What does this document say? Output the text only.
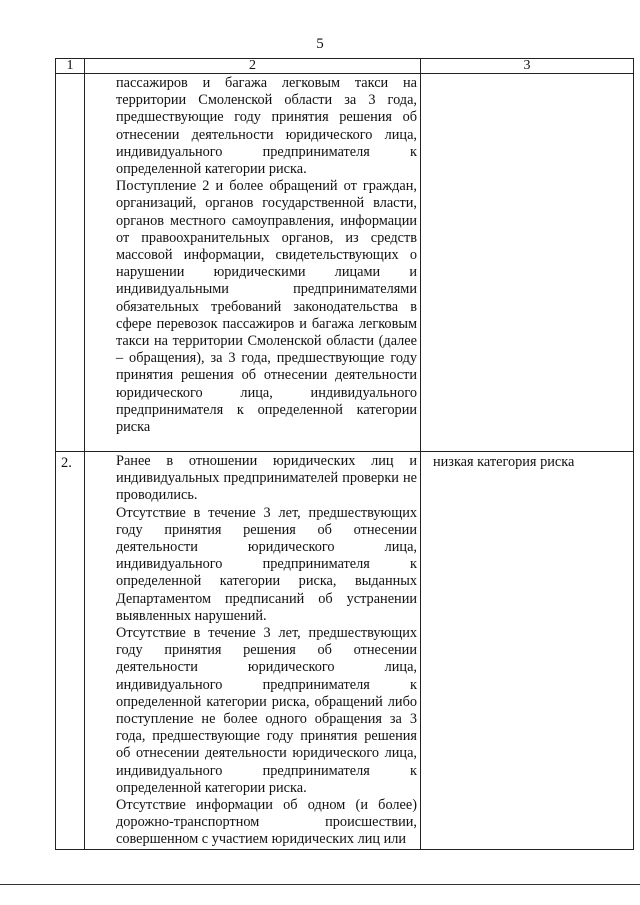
5
1	2	3

	пассажиров и багажа легковым такси на территории Смоленской области за 3 года, предшествующие году принятия решения об отнесении деятельности юридического лица, индивидуального предпринимателя к определенной категории риска.

Поступление 2 и более обращений от граждан, организаций, органов государственной власти, органов местного самоуправления, информации от правоохранительных органов, из средств массовой информации, свидетельствующих о нарушении юридическими лицами и индивидуальными предпринимателями обязательных требований законодательства в сфере перевозок пассажиров и багажа легковым такси на территории Смоленской области (далее – обращения), за 3 года, предшествующие году принятия решения об отнесении деятельности юридического лица, индивидуального предпринимателя к определенной категории риска	

2.	Ранее в отношении юридических лиц и индивидуальных предпринимателей проверки не проводились.

Отсутствие в течение 3 лет, предшествующих году принятия решения об отнесении деятельности юридического лица, индивидуального предпринимателя к определенной категории риска, выданных Департаментом предписаний об устранении выявленных нарушений.

Отсутствие в течение 3 лет, предшествующих году принятия решения об отнесении деятельности юридического лица, индивидуального предпринимателя к определенной категории риска, обращений либо поступление не более одного обращения за 3 года, предшествующие году принятия решения об отнесении деятельности юридического лица, индивидуального предпринимателя к определенной категории риска.

Отсутствие информации об одном (и более) дорожно-транспортном происшествии, совершенном с участием юридических лиц или	низкая категория риска
